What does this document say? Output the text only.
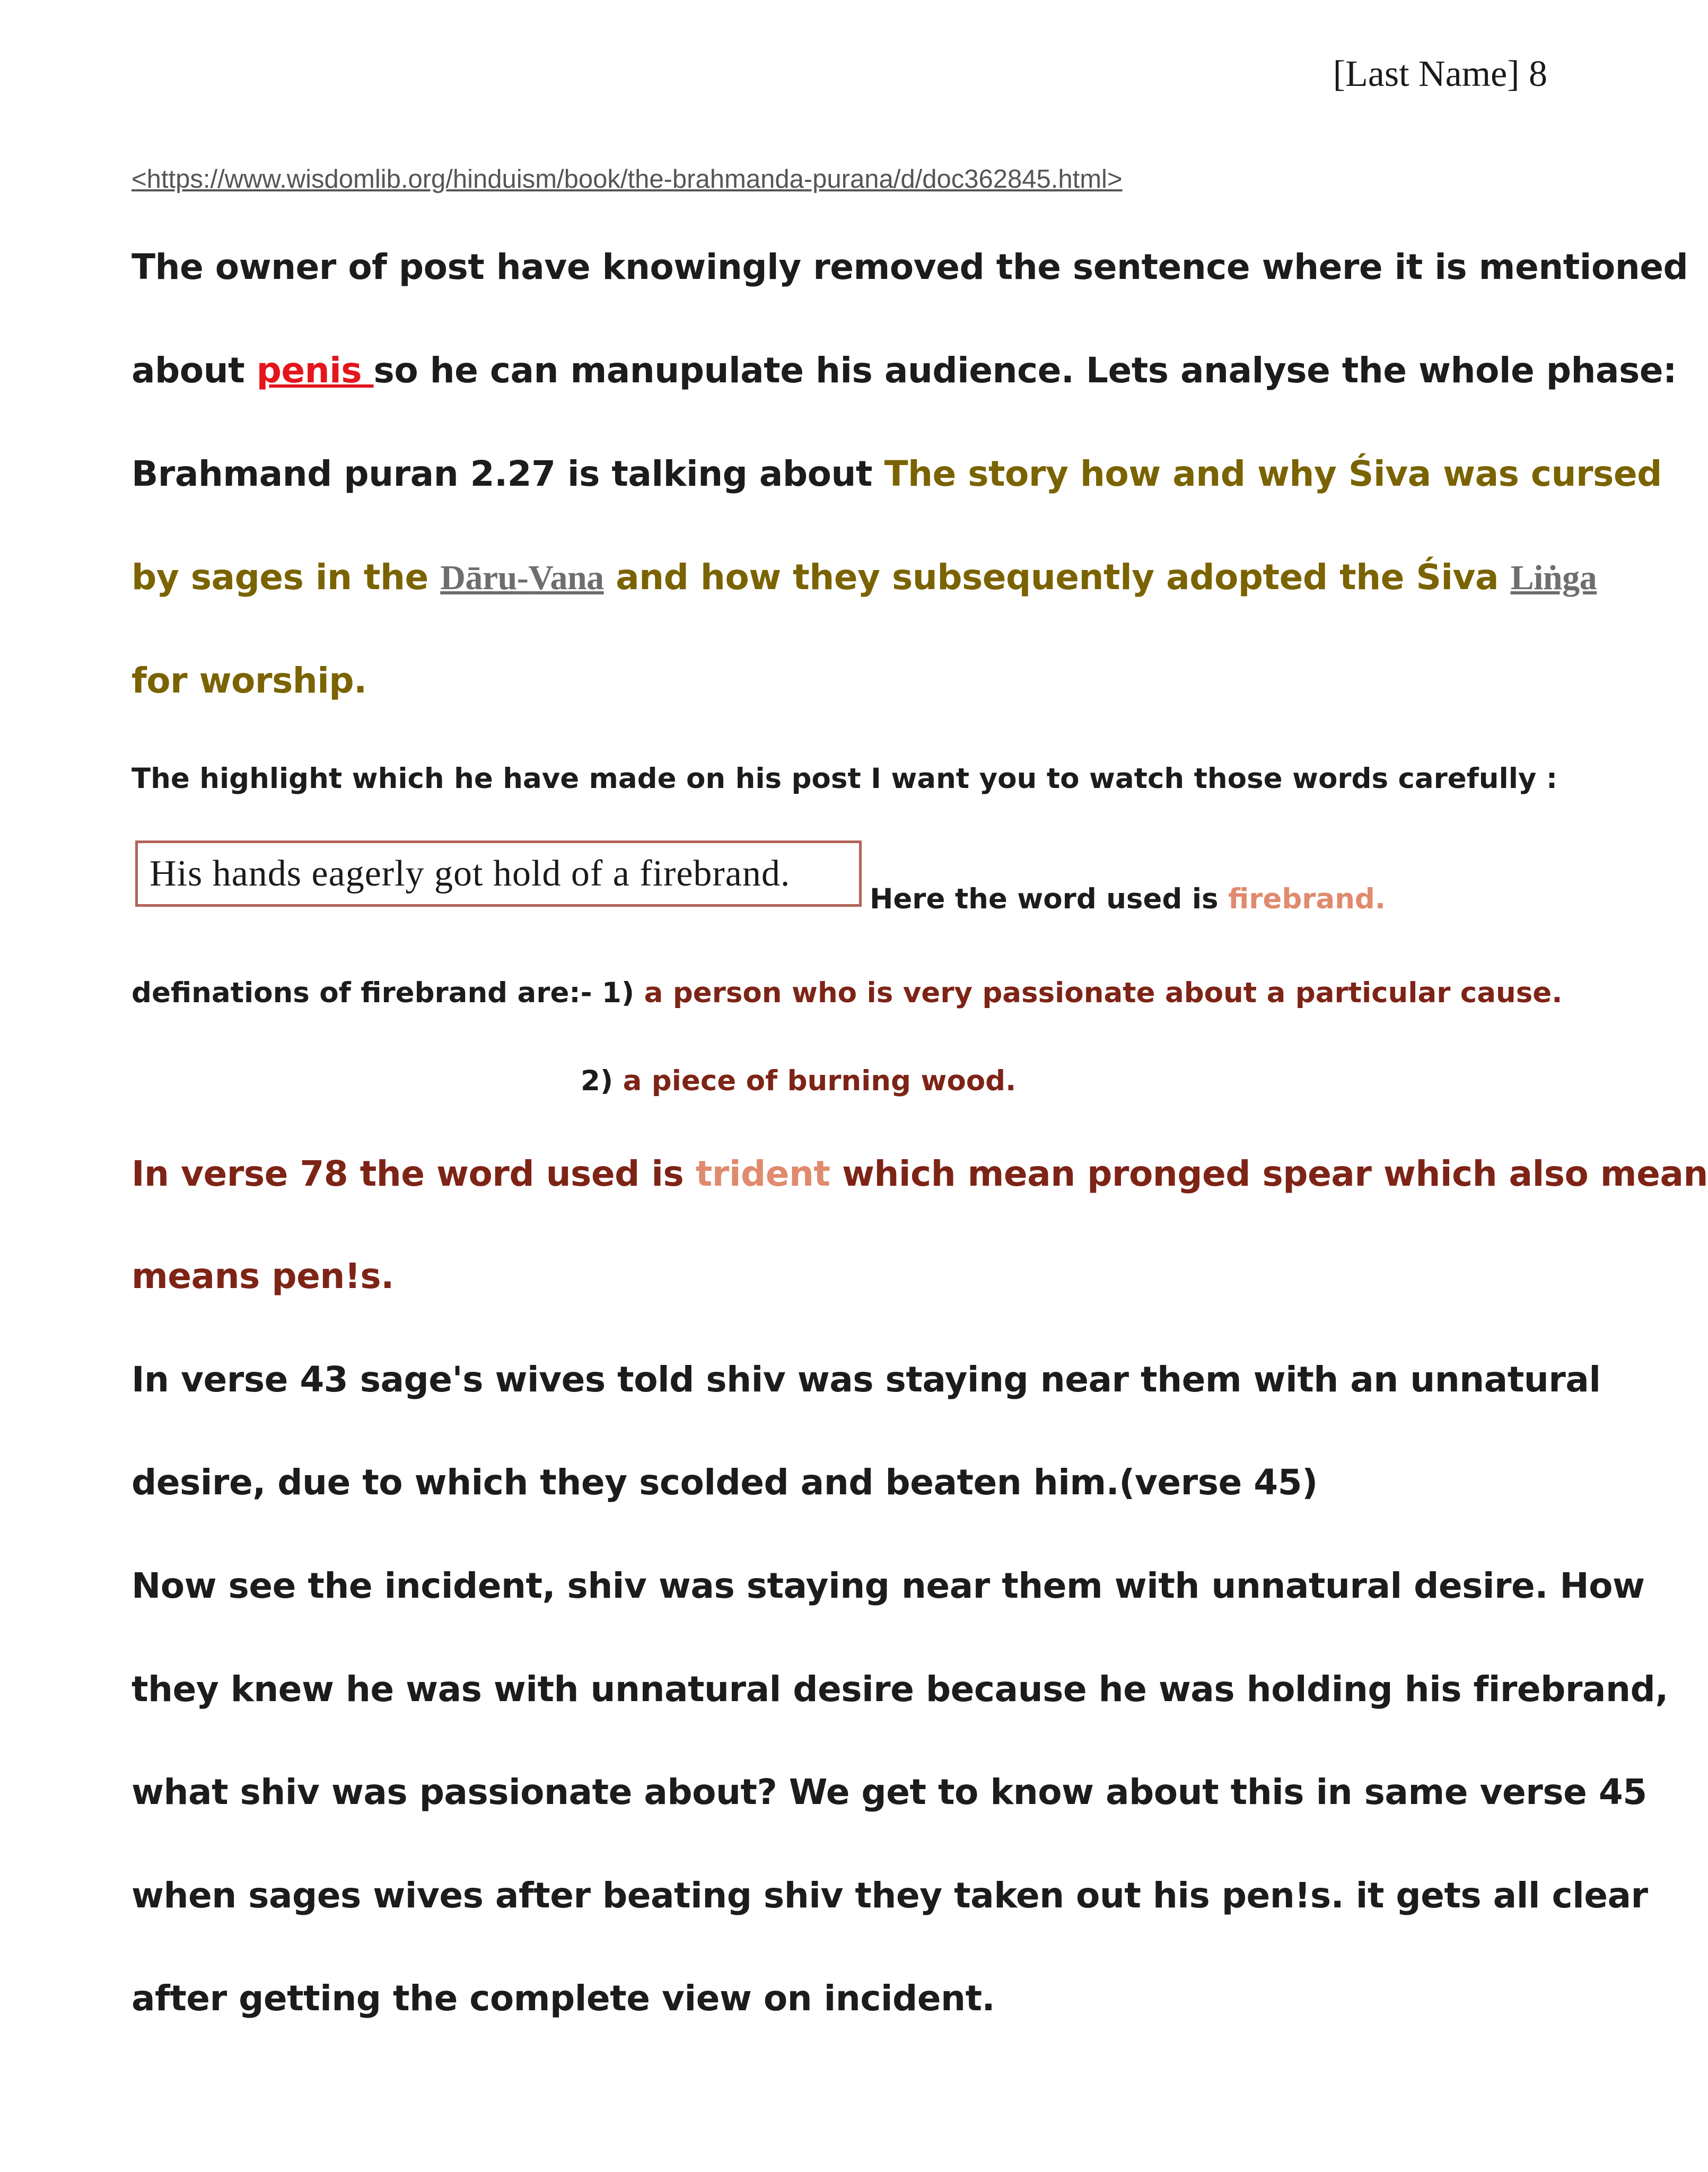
[Last Name] 8
<https://www.wisdomlib.org/hinduism/book/the-brahmanda-purana/d/doc362845.html>
The owner of post have knowingly removed the sentence where it is mentioned
about penis so he can manupulate his audience. Lets analyse the whole phase:
Brahmand puran 2.27 is talking about The story how and why Śiva was cursed
by sages in the Dāru-Vana and how they subsequently adopted the Śiva Liṅga
for worship.
The highlight which he have made on his post I want you to watch those words carefully :
His hands eagerly got hold of a firebrand.
Here the word used is firebrand.
definations of firebrand are:- 1) a person who is very passionate about a particular cause.
2) a piece of burning wood.
In verse 78 the word used is trident which mean pronged spear which also mean
means pen!s.
In verse 43 sage's wives told shiv was staying near them with an unnatural
desire, due to which they scolded and beaten him.(verse 45)
Now see the incident, shiv was staying near them with unnatural desire. How
they knew he was with unnatural desire because he was holding his firebrand,
what shiv was passionate about? We get to know about this in same verse 45
when sages wives after beating shiv they taken out his pen!s. it gets all clear
after getting the complete view on incident.
